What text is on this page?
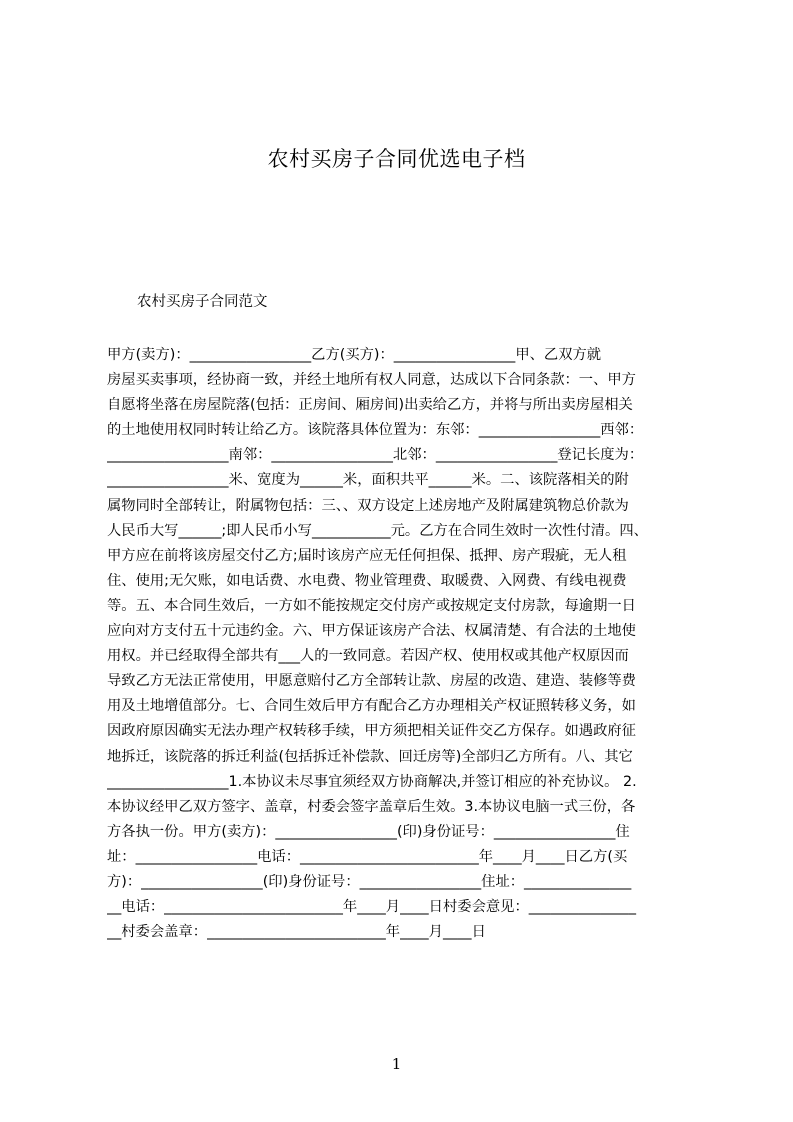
农村买房子合同优选电子档
农村买房子合同范文
甲方(卖方)：_________________乙方(买方)：_________________甲、乙双方就
房屋买卖事项，经协商一致，并经土地所有权人同意，达成以下合同条款：一、甲方
自愿将坐落在房屋院落(包括：正房间、厢房间)出卖给乙方，并将与所出卖房屋相关
的土地使用权同时转让给乙方。该院落具体位置为：东邻：_________________西邻：
_________________南邻：_________________北邻：_________________登记长度为：
_________________米、宽度为______米，面积共平______米。二、该院落相关的附
属物同时全部转让，附属物包括：三、、双方设定上述房地产及附属建筑物总价款为
人民币大写______;即人民币小写___________元。乙方在合同生效时一次性付清。四、
甲方应在前将该房屋交付乙方;届时该房产应无任何担保、抵押、房产瑕疵，无人租
住、使用;无欠账，如电话费、水电费、物业管理费、取暖费、入网费、有线电视费
等。五、本合同生效后，一方如不能按规定交付房产或按规定支付房款，每逾期一日
应向对方支付五十元违约金。六、甲方保证该房产合法、权属清楚、有合法的土地使
用权。并已经取得全部共有___人的一致同意。若因产权、使用权或其他产权原因而
导致乙方无法正常使用，甲愿意赔付乙方全部转让款、房屋的改造、建造、装修等费
用及土地增值部分。七、合同生效后甲方有配合乙方办理相关产权证照转移义务，如
因政府原因确实无法办理产权转移手续，甲方须把相关证件交乙方保存。如遇政府征
地拆迁，该院落的拆迁利益(包括拆迁补偿款、回迁房等)全部归乙方所有。八、其它
_________________1.本协议未尽事宜须经双方协商解决,并签订相应的补充协议。 2.
本协议经甲乙双方签字、盖章，村委会签字盖章后生效。3.本协议电脑一式三份，各
方各执一份。甲方(卖方)：_________________(印)身份证号：_________________住
址：_________________电话：_________________________年____月____日乙方(买
方)：_________________(印)身份证号：_________________住址：_______________
__电话：_________________________年____月____日村委会意见：_______________
__村委会盖章：_________________________年____月____日
1
